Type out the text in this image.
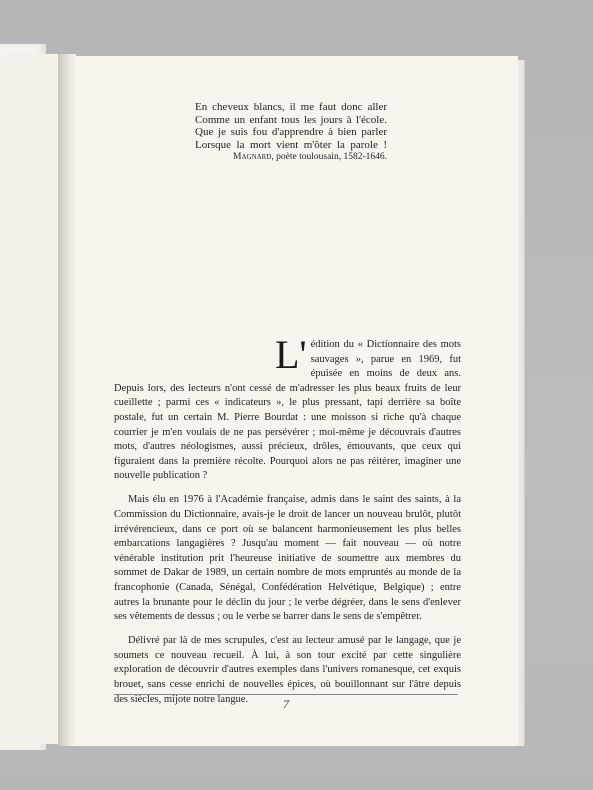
En cheveux blancs, il me faut donc aller
Comme un enfant tous les jours à l'école.
Que je suis fou d'apprendre à bien parler
Lorsque la mort vient m'ôter la parole !
Magnard, poète toulousain, 1582-1646.

L' édition du « Dictionnaire des mots sauvages », parue en 1969, fut épuisée en moins de deux ans. Depuis lors, des lecteurs n'ont cessé de m'adresser les plus beaux fruits de leur cueillette ; parmi ces « indicateurs », le plus pressant, tapi derrière sa boîte postale, fut un certain M. Pierre Bourdat : une moisson si riche qu'à chaque courrier je m'en voulais de ne pas persévérer ; moi-même je découvrais d'autres mots, d'autres néologismes, aussi précieux, drôles, émouvants, que ceux qui figuraient dans la première récolte. Pourquoi alors ne pas réitérer, imaginer une nouvelle publication ?

Mais élu en 1976 à l'Académie française, admis dans le saint des saints, à la Commission du Dictionnaire, avais-je le droit de lancer un nouveau brulôt, plutôt irrévérencieux, dans ce port où se balancent harmonieusement les plus belles embarcations langagières ? Jusqu'au moment — fait nouveau — où notre vénérable institution prit l'heureuse initiative de soumettre aux membres du sommet de Dakar de 1989, un certain nombre de mots empruntés au monde de la francophonie (Canada, Sénégal, Confédération Helvétique, Belgique) ; entre autres la brunante pour le déclin du jour ; le verbe dégréer, dans le sens d'enlever ses vêtements de dessus ; ou le verbe se barrer dans le sens de s'empêtrer.

Délivré par là de mes scrupules, c'est au lecteur amusé par le langage, que je soumets ce nouveau recueil. À lui, à son tour excité par cette singulière exploration de découvrir d'autres exemples dans l'univers romanesque, cet exquis brouet, sans cesse enrichi de nouvelles épices, où bouillonnant sur l'âtre depuis des siècles, mijote notre langue.	7
